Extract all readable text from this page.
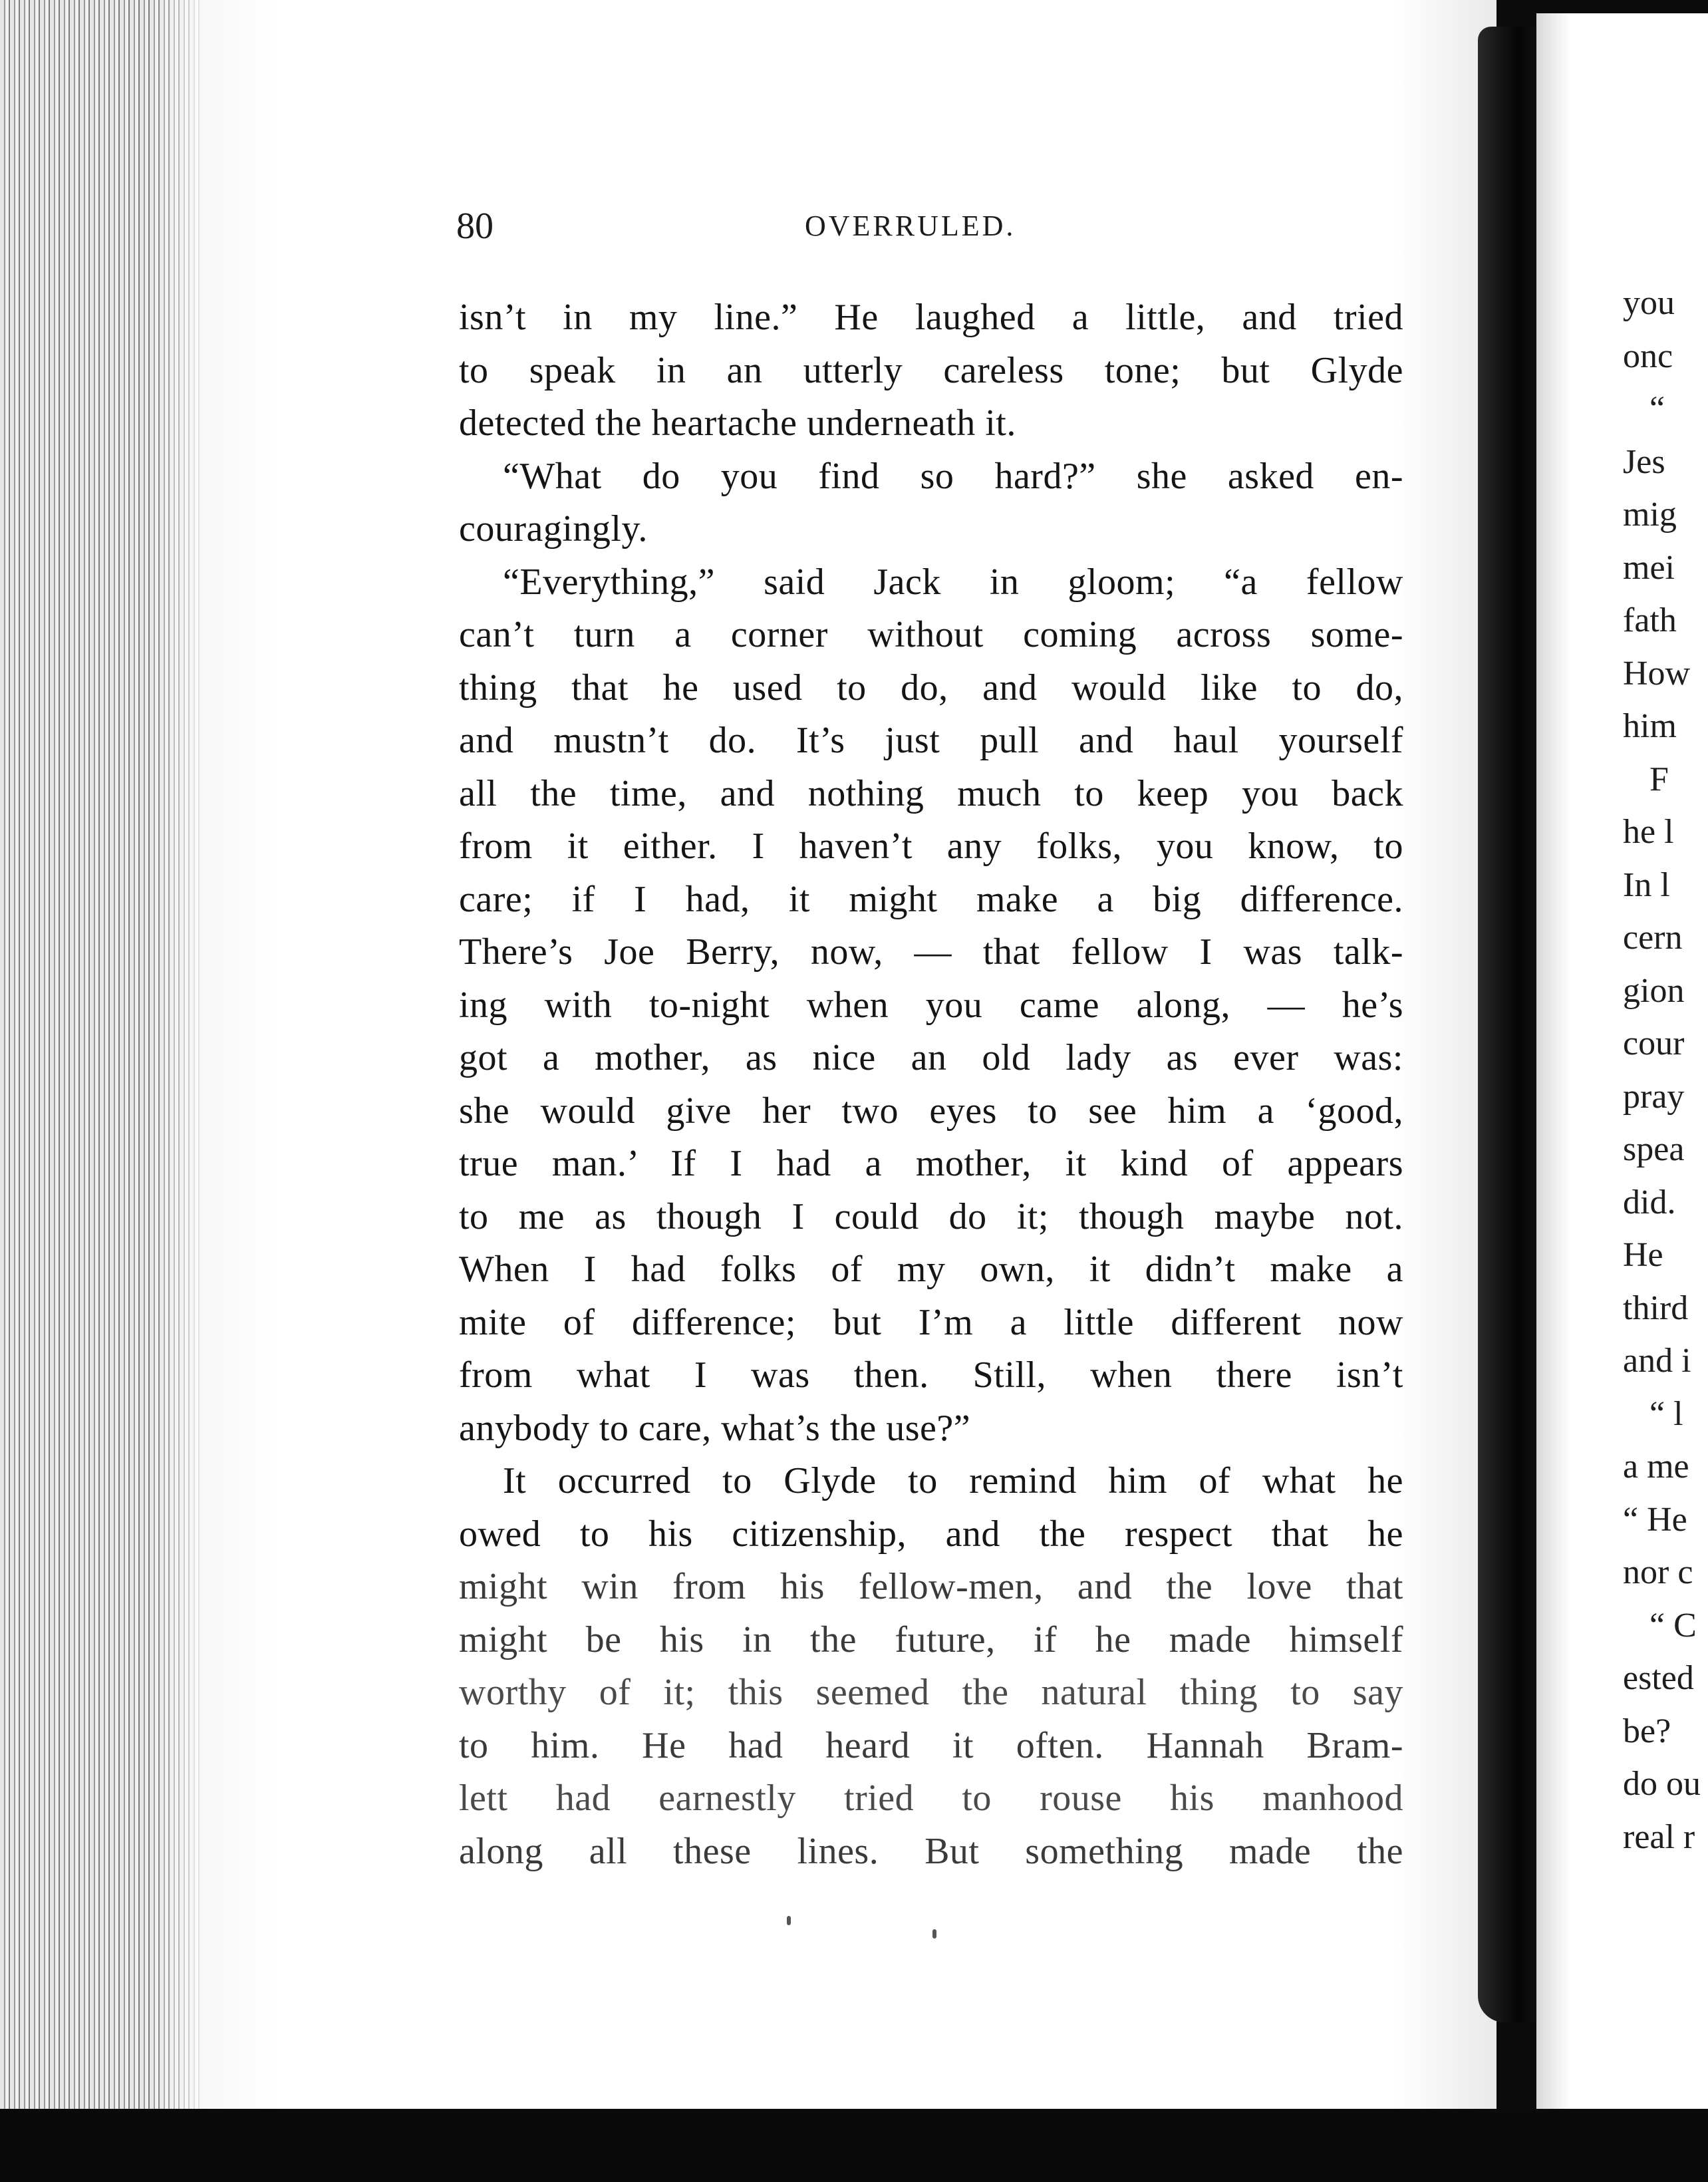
you
onc
“
Jes
mig
mei
fath
How
him
F
he l
In l
cern
gion
cour
pray
spea
did.
He
third
and i
“ l
a me
“ He
nor c
“ C
ested
be?
do ou
real r
80	OVERRULED.
isn’t in my line.” He laughed a little, and tried
to speak in an utterly careless tone; but Glyde
detected the heartache underneath it.
“What do you find so hard?” she asked en-
couragingly.
“Everything,” said Jack in gloom; “a fellow
can’t turn a corner without coming across some-
thing that he used to do, and would like to do,
and mustn’t do. It’s just pull and haul yourself
all the time, and nothing much to keep you back
from it either. I haven’t any folks, you know, to
care; if I had, it might make a big difference.
There’s Joe Berry, now, — that fellow I was talk-
ing with to-night when you came along, — he’s
got a mother, as nice an old lady as ever was:
she would give her two eyes to see him a ‘good,
true man.’ If I had a mother, it kind of appears
to me as though I could do it; though maybe not.
When I had folks of my own, it didn’t make a
mite of difference; but I’m a little different now
from what I was then. Still, when there isn’t
anybody to care, what’s the use?”
It occurred to Glyde to remind him of what he
owed to his citizenship, and the respect that he
might win from his fellow-men, and the love that
might be his in the future, if he made himself
worthy of it; this seemed the natural thing to say
to him. He had heard it often. Hannah Bram-
lett had earnestly tried to rouse his manhood
along all these lines. But something made the
